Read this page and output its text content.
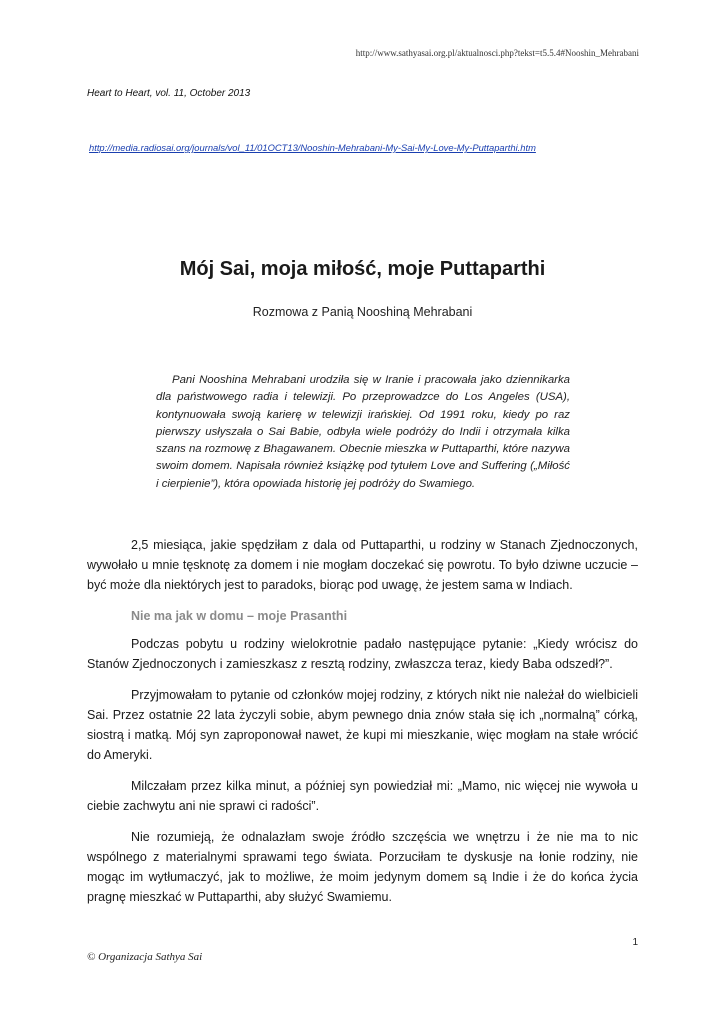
http://www.sathyasai.org.pl/aktualnosci.php?tekst=t5.5.4#Nooshin_Mehrabani
Heart to Heart, vol. 11, October 2013
http://media.radiosai.org/journals/vol_11/01OCT13/Nooshin-Mehrabani-My-Sai-My-Love-My-Puttaparthi.htm
Mój Sai, moja miłość, moje Puttaparthi
Rozmowa z Panią Nooshiną Mehrabani
Pani Nooshina Mehrabani urodziła się w Iranie i pracowała jako dziennikarka dla państwowego radia i telewizji. Po przeprowadzce do Los Angeles (USA), kontynuowała swoją karierę w telewizji irańskiej. Od 1991 roku, kiedy po raz pierwszy usłyszała o Sai Babie, odbyła wiele podróży do Indii i otrzymała kilka szans na rozmowę z Bhagawanem. Obecnie mieszka w Puttaparthi, które nazywa swoim domem. Napisała również książkę pod tytułem Love and Suffering („Miłość i cierpienie”), która opowiada historię jej podróży do Swamiego.

2,5 miesiąca, jakie spędziłam z dala od Puttaparthi, u rodziny w Stanach Zjednoczonych, wywołało u mnie tęsknotę za domem i nie mogłam doczekać się powrotu. To było dziwne uczucie – być może dla niektórych jest to paradoks, biorąc pod uwagę, że jestem sama w Indiach.

Nie ma jak w domu – moje Prasanthi

Podczas pobytu u rodziny wielokrotnie padało następujące pytanie: „Kiedy wrócisz do Stanów Zjednoczonych i zamieszkasz z resztą rodziny, zwłaszcza teraz, kiedy Baba odszedł?”.

Przyjmowałam to pytanie od członków mojej rodziny, z których nikt nie należał do wielbicieli Sai. Przez ostatnie 22 lata życzyli sobie, abym pewnego dnia znów stała się ich „normalną” córką, siostrą i matką. Mój syn zaproponował nawet, że kupi mi mieszkanie, więc mogłam na stałe wrócić do Ameryki.

Milczałam przez kilka minut, a później syn powiedział mi: „Mamo, nic więcej nie wywoła u ciebie zachwytu ani nie sprawi ci radości”.

Nie rozumieją, że odnalazłam swoje źródło szczęścia we wnętrzu i że nie ma to nic wspólnego z materialnymi sprawami tego świata. Porzuciłam te dyskusje na łonie rodziny, nie mogąc im wytłumaczyć, jak to możliwe, że moim jedynym domem są Indie i że do końca życia pragnę mieszkać w Puttaparthi, aby służyć Swamiemu.

1
© Organizacja Sathya Sai
